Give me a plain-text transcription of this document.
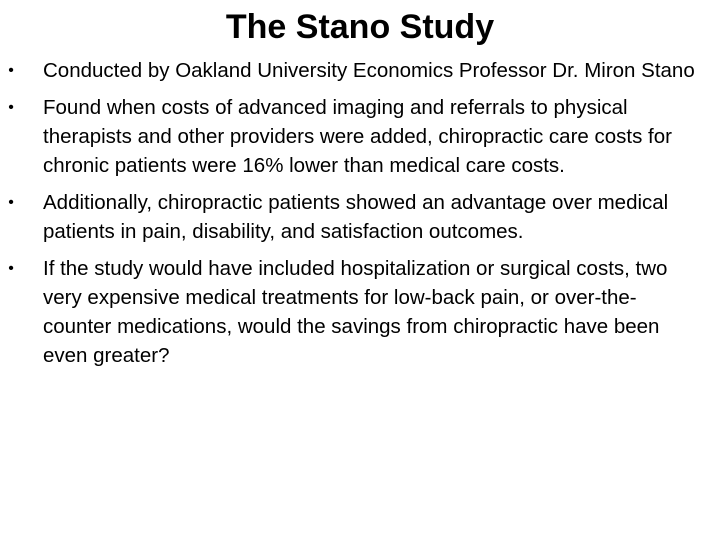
The Stano Study
•	Conducted by Oakland University Economics Professor Dr. Miron Stano
•	Found when costs of advanced imaging and referrals to physical therapists and other providers were added, chiropractic care costs for chronic patients were 16% lower than medical care costs.
•	Additionally, chiropractic patients showed an advantage over medical patients in pain, disability, and satisfaction outcomes.
•	If the study would have included hospitalization or surgical costs, two very expensive medical treatments for low-back pain, or over-the-counter medications, would the savings from chiropractic have been even greater?
